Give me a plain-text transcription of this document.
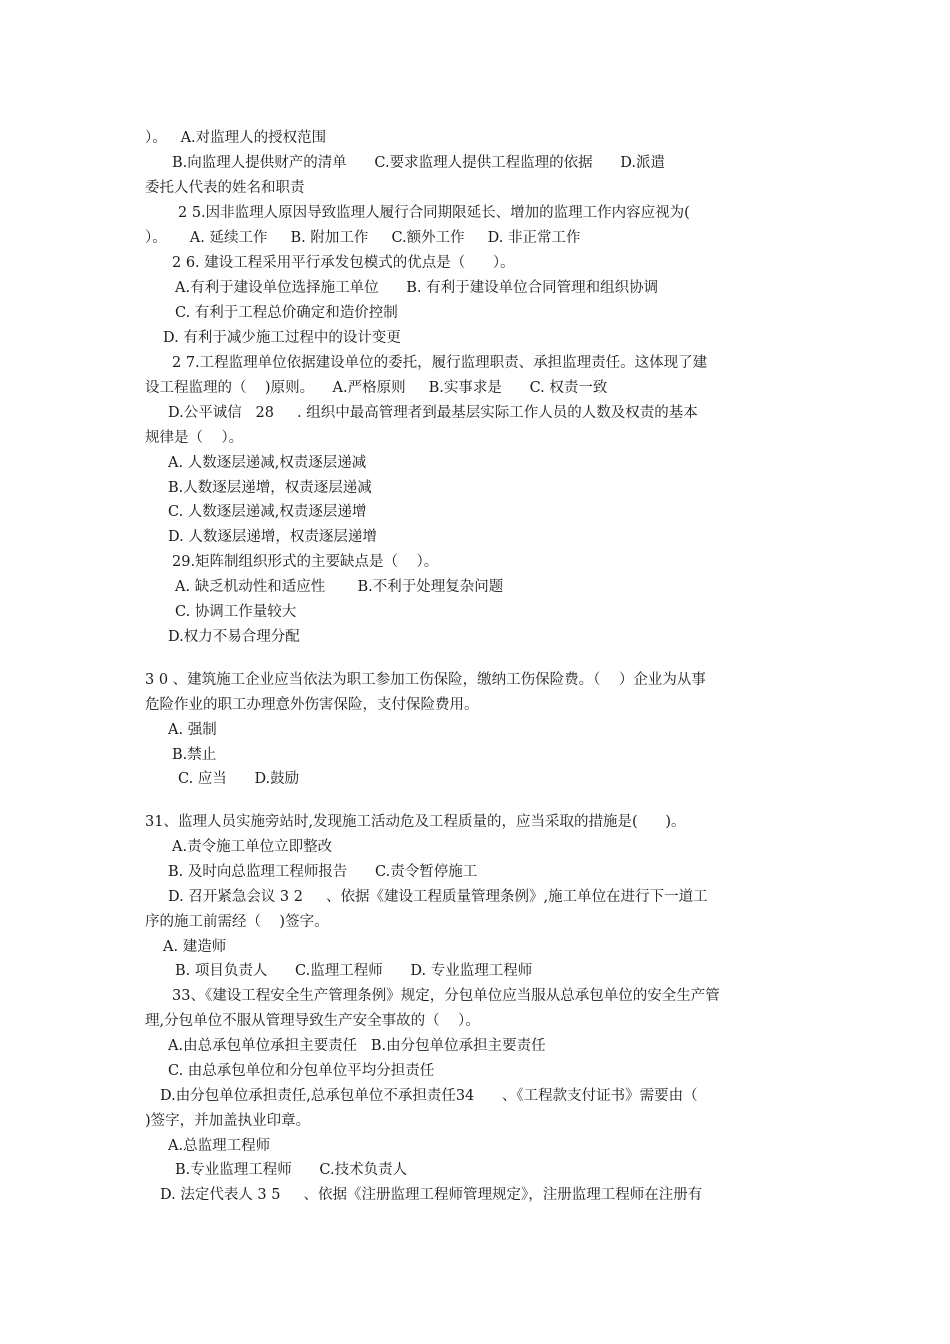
）。   A.对监理人的授权范围
B.向监理人提供财产的清单      C.要求监理人提供工程监理的依据      D.派遣
委托人代表的姓名和职责
2 5.因非监理人原因导致监理人履行合同期限延长、增加的监理工作内容应视为(
）。     A. 延续工作     B. 附加工作     C.额外工作     D. 非正常工作
2 6. 建设工程采用平行承发包模式的优点是（      ）。
A.有利于建设单位选择施工单位      B. 有利于建设单位合同管理和组织协调
C. 有利于工程总价确定和造价控制
D. 有利于减少施工过程中的设计变更
2 7.工程监理单位依据建设单位的委托，履行监理职责、承担监理责任。这体现了建
设工程监理的（    )原则。    A.严格原则     B.实事求是      C. 权责一致
D.公平诚信   28     . 组织中最高管理者到最基层实际工作人员的人数及权责的基本
规律是（    ）。
A. 人数逐层递减,权责逐层递减
B.人数逐层递增，权责逐层递减
C. 人数逐层递减,权责逐层递增
D. 人数逐层递增，权责逐层递增
29.矩阵制组织形式的主要缺点是（    ）。
A. 缺乏机动性和适应性       B.不利于处理复杂问题
C. 协调工作量较大
D.权力不易合理分配
3 0 、建筑施工企业应当依法为职工参加工伤保险，缴纳工伤保险费。（    ）企业为从事
危险作业的职工办理意外伤害保险，支付保险费用。
A. 强制
B.禁止
C. 应当      D.鼓励
31、监理人员实施旁站时,发现施工活动危及工程质量的，应当采取的措施是(      )。
A.责令施工单位立即整改
B. 及时向总监理工程师报告      C.责令暂停施工
D. 召开紧急会议 3 2     、依据《建设工程质量管理条例》,施工单位在进行下一道工
序的施工前需经（    )签字。
A. 建造师
B. 项目负责人      C.监理工程师      D. 专业监理工程师
33、《建设工程安全生产管理条例》规定，分包单位应当服从总承包单位的安全生产管
理,分包单位不服从管理导致生产安全事故的（    ）。
A.由总承包单位承担主要责任   B.由分包单位承担主要责任
C. 由总承包单位和分包单位平均分担责任
D.由分包单位承担责任,总承包单位不承担责任34      、《工程款支付证书》需要由（
)签字，并加盖执业印章。
A.总监理工程师
B.专业监理工程师      C.技术负责人
D. 法定代表人 3 5     、依据《注册监理工程师管理规定》，注册监理工程师在注册有
